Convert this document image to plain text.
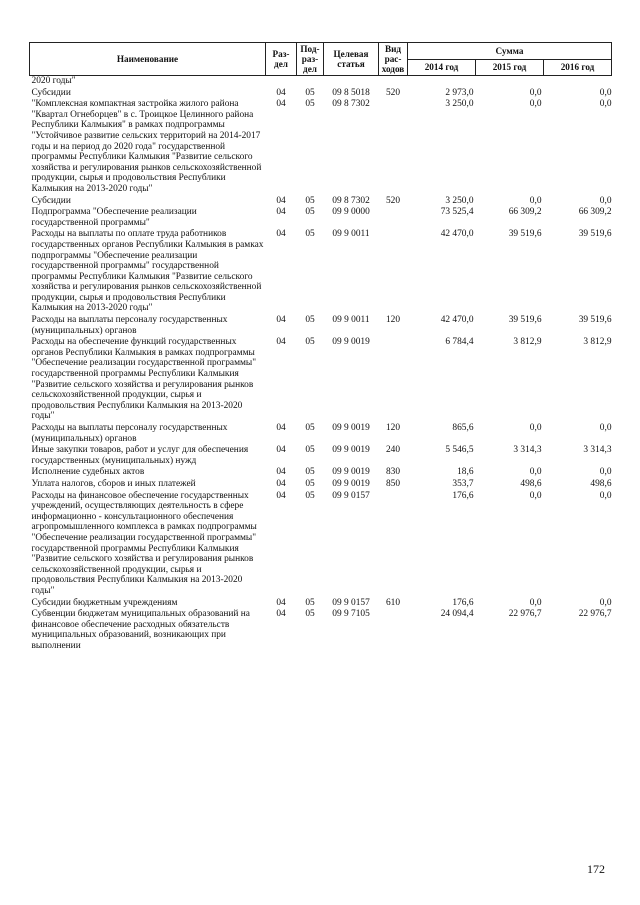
Наименование	Раз-дел	Под-раз-дел	Целевая статья	Вид рас-ходов	Сумма		
					2014 год	2015 год	2016 год
2020 годы"							
Субсидии	04	05	09 8 5018	520	2 973,0	0,0	0,0
"Комплексная компактная застройка жилого района "Квартал Огнеборцев" в с. Троицкое Целинного района Республики Калмыкия" в рамках подпрограммы "Устойчивое развитие сельских территорий на 2014-2017 годы и на период до 2020 года" государственной программы Республики Калмыкия "Развитие сельского хозяйства и регулирования рынков сельскохозяйственной продукции, сырья и продовольствия Республики Калмыкия на 2013-2020 годы"	04	05	09 8 7302		3 250,0	0,0	0,0
Субсидии	04	05	09 8 7302	520	3 250,0	0,0	0,0
Подпрограмма "Обеспечение реализации государственной программы"	04	05	09 9 0000		73 525,4	66 309,2	66 309,2
Расходы на выплаты по оплате труда работников государственных органов Республики Калмыкия в рамках подпрограммы "Обеспечение реализации государственной программы" государственной программы Республики Калмыкия "Развитие сельского хозяйства и регулирования рынков сельскохозяйственной продукции, сырья и продовольствия Республики Калмыкия на 2013-2020 годы"	04	05	09 9 0011		42 470,0	39 519,6	39 519,6
Расходы на выплаты персоналу государственных (муниципальных) органов	04	05	09 9 0011	120	42 470,0	39 519,6	39 519,6
Расходы на обеспечение функций государственных органов Республики Калмыкия в рамках подпрограммы "Обеспечение реализации государственной программы" государственной программы Республики Калмыкия "Развитие сельского хозяйства и регулирования рынков сельскохозяйственной продукции, сырья и продовольствия Республики Калмыкия на 2013-2020 годы"	04	05	09 9 0019		6 784,4	3 812,9	3 812,9
Расходы на выплаты персоналу государственных (муниципальных) органов	04	05	09 9 0019	120	865,6	0,0	0,0
Иные закупки товаров, работ и услуг для обеспечения государственных (муниципальных) нужд	04	05	09 9 0019	240	5 546,5	3 314,3	3 314,3
Исполнение судебных актов	04	05	09 9 0019	830	18,6	0,0	0,0
Уплата налогов, сборов и иных платежей	04	05	09 9 0019	850	353,7	498,6	498,6
Расходы на финансовое обеспечение государственных учреждений, осуществляющих деятельность в сфере информационно - консультационного обеспечения агропромышленного комплекса в рамках подпрограммы "Обеспечение реализации государственной программы" государственной программы Республики Калмыкия "Развитие сельского хозяйства и регулирования рынков сельскохозяйственной продукции, сырья и продовольствия Республики Калмыкия на 2013-2020 годы"	04	05	09 9 0157		176,6	0,0	0,0
Субсидии бюджетным учреждениям	04	05	09 9 0157	610	176,6	0,0	0,0
Субвенции бюджетам муниципальных образований на финансовое обеспечение расходных обязательств муниципальных образований, возникающих при выполнении	04	05	09 9 7105		24 094,4	22 976,7	22 976,7
172
